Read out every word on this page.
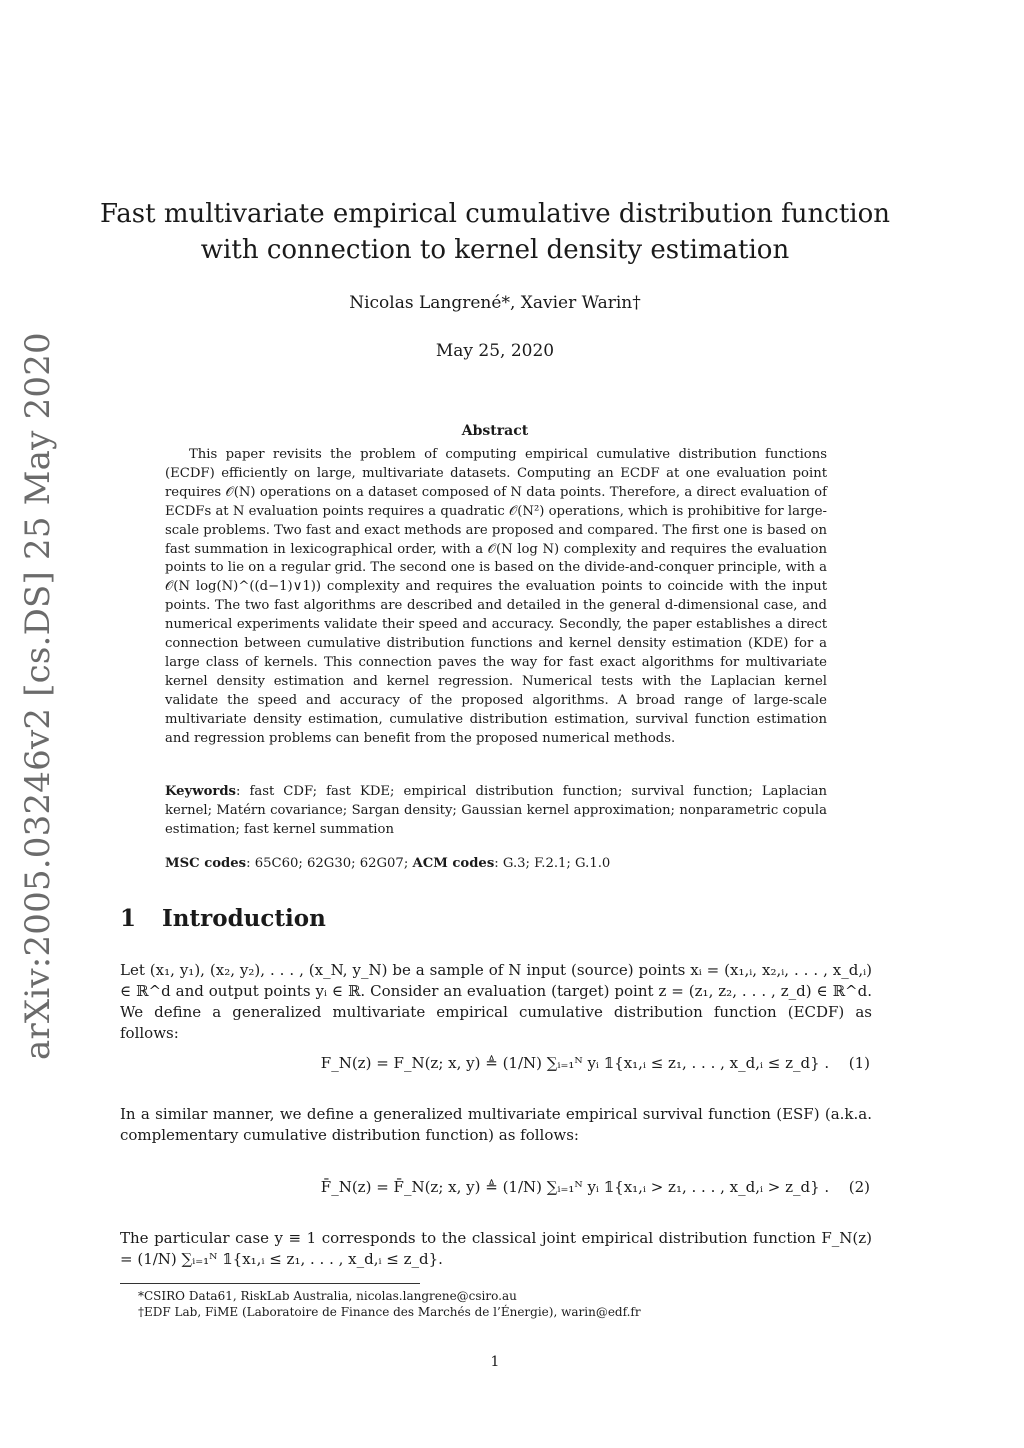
arXiv:2005.03246v2 [cs.DS] 25 May 2020
Fast multivariate empirical cumulative distribution function
with connection to kernel density estimation
Nicolas Langrené*, Xavier Warin†
May 25, 2020
Abstract
This paper revisits the problem of computing empirical cumulative distribution functions (ECDF) efficiently on large, multivariate datasets. Computing an ECDF at one evaluation point requires 𝒪(N) operations on a dataset composed of N data points. Therefore, a direct evaluation of ECDFs at N evaluation points requires a quadratic 𝒪(N²) operations, which is prohibitive for large-scale problems. Two fast and exact methods are proposed and compared. The first one is based on fast summation in lexicographical order, with a 𝒪(N log N) complexity and requires the evaluation points to lie on a regular grid. The second one is based on the divide-and-conquer principle, with a 𝒪(N log(N)^((d−1)∨1)) complexity and requires the evaluation points to coincide with the input points. The two fast algorithms are described and detailed in the general d-dimensional case, and numerical experiments validate their speed and accuracy. Secondly, the paper establishes a direct connection between cumulative distribution functions and kernel density estimation (KDE) for a large class of kernels. This connection paves the way for fast exact algorithms for multivariate kernel density estimation and kernel regression. Numerical tests with the Laplacian kernel validate the speed and accuracy of the proposed algorithms. A broad range of large-scale multivariate density estimation, cumulative distribution estimation, survival function estimation and regression problems can benefit from the proposed numerical methods.
Keywords: fast CDF; fast KDE; empirical distribution function; survival function; Laplacian kernel; Matérn covariance; Sargan density; Gaussian kernel approximation; nonparametric copula estimation; fast kernel summation
MSC codes: 65C60; 62G30; 62G07; ACM codes: G.3; F.2.1; G.1.0
1 Introduction
Let (x₁, y₁), (x₂, y₂), . . . , (x_N, y_N) be a sample of N input (source) points xᵢ = (x₁,ᵢ, x₂,ᵢ, . . . , x_d,ᵢ) ∈ ℝ^d and output points yᵢ ∈ ℝ. Consider an evaluation (target) point z = (z₁, z₂, . . . , z_d) ∈ ℝ^d. We define a generalized multivariate empirical cumulative distribution function (ECDF) as follows:
F_N(z) = F_N(z; x, y) ≜ (1/N) ∑ᵢ₌₁ᴺ yᵢ 𝟙{x₁,ᵢ ≤ z₁, . . . , x_d,ᵢ ≤ z_d} .	(1)
In a similar manner, we define a generalized multivariate empirical survival function (ESF) (a.k.a. complementary cumulative distribution function) as follows:
F̄_N(z) = F̄_N(z; x, y) ≜ (1/N) ∑ᵢ₌₁ᴺ yᵢ 𝟙{x₁,ᵢ > z₁, . . . , x_d,ᵢ > z_d} .	(2)
The particular case y ≡ 1 corresponds to the classical joint empirical distribution function F_N(z) = (1/N) ∑ᵢ₌₁ᴺ 𝟙{x₁,ᵢ ≤ z₁, . . . , x_d,ᵢ ≤ z_d}.
*CSIRO Data61, RiskLab Australia, nicolas.langrene@csiro.au
†EDF Lab, FiME (Laboratoire de Finance des Marchés de l’Énergie), warin@edf.fr
1
